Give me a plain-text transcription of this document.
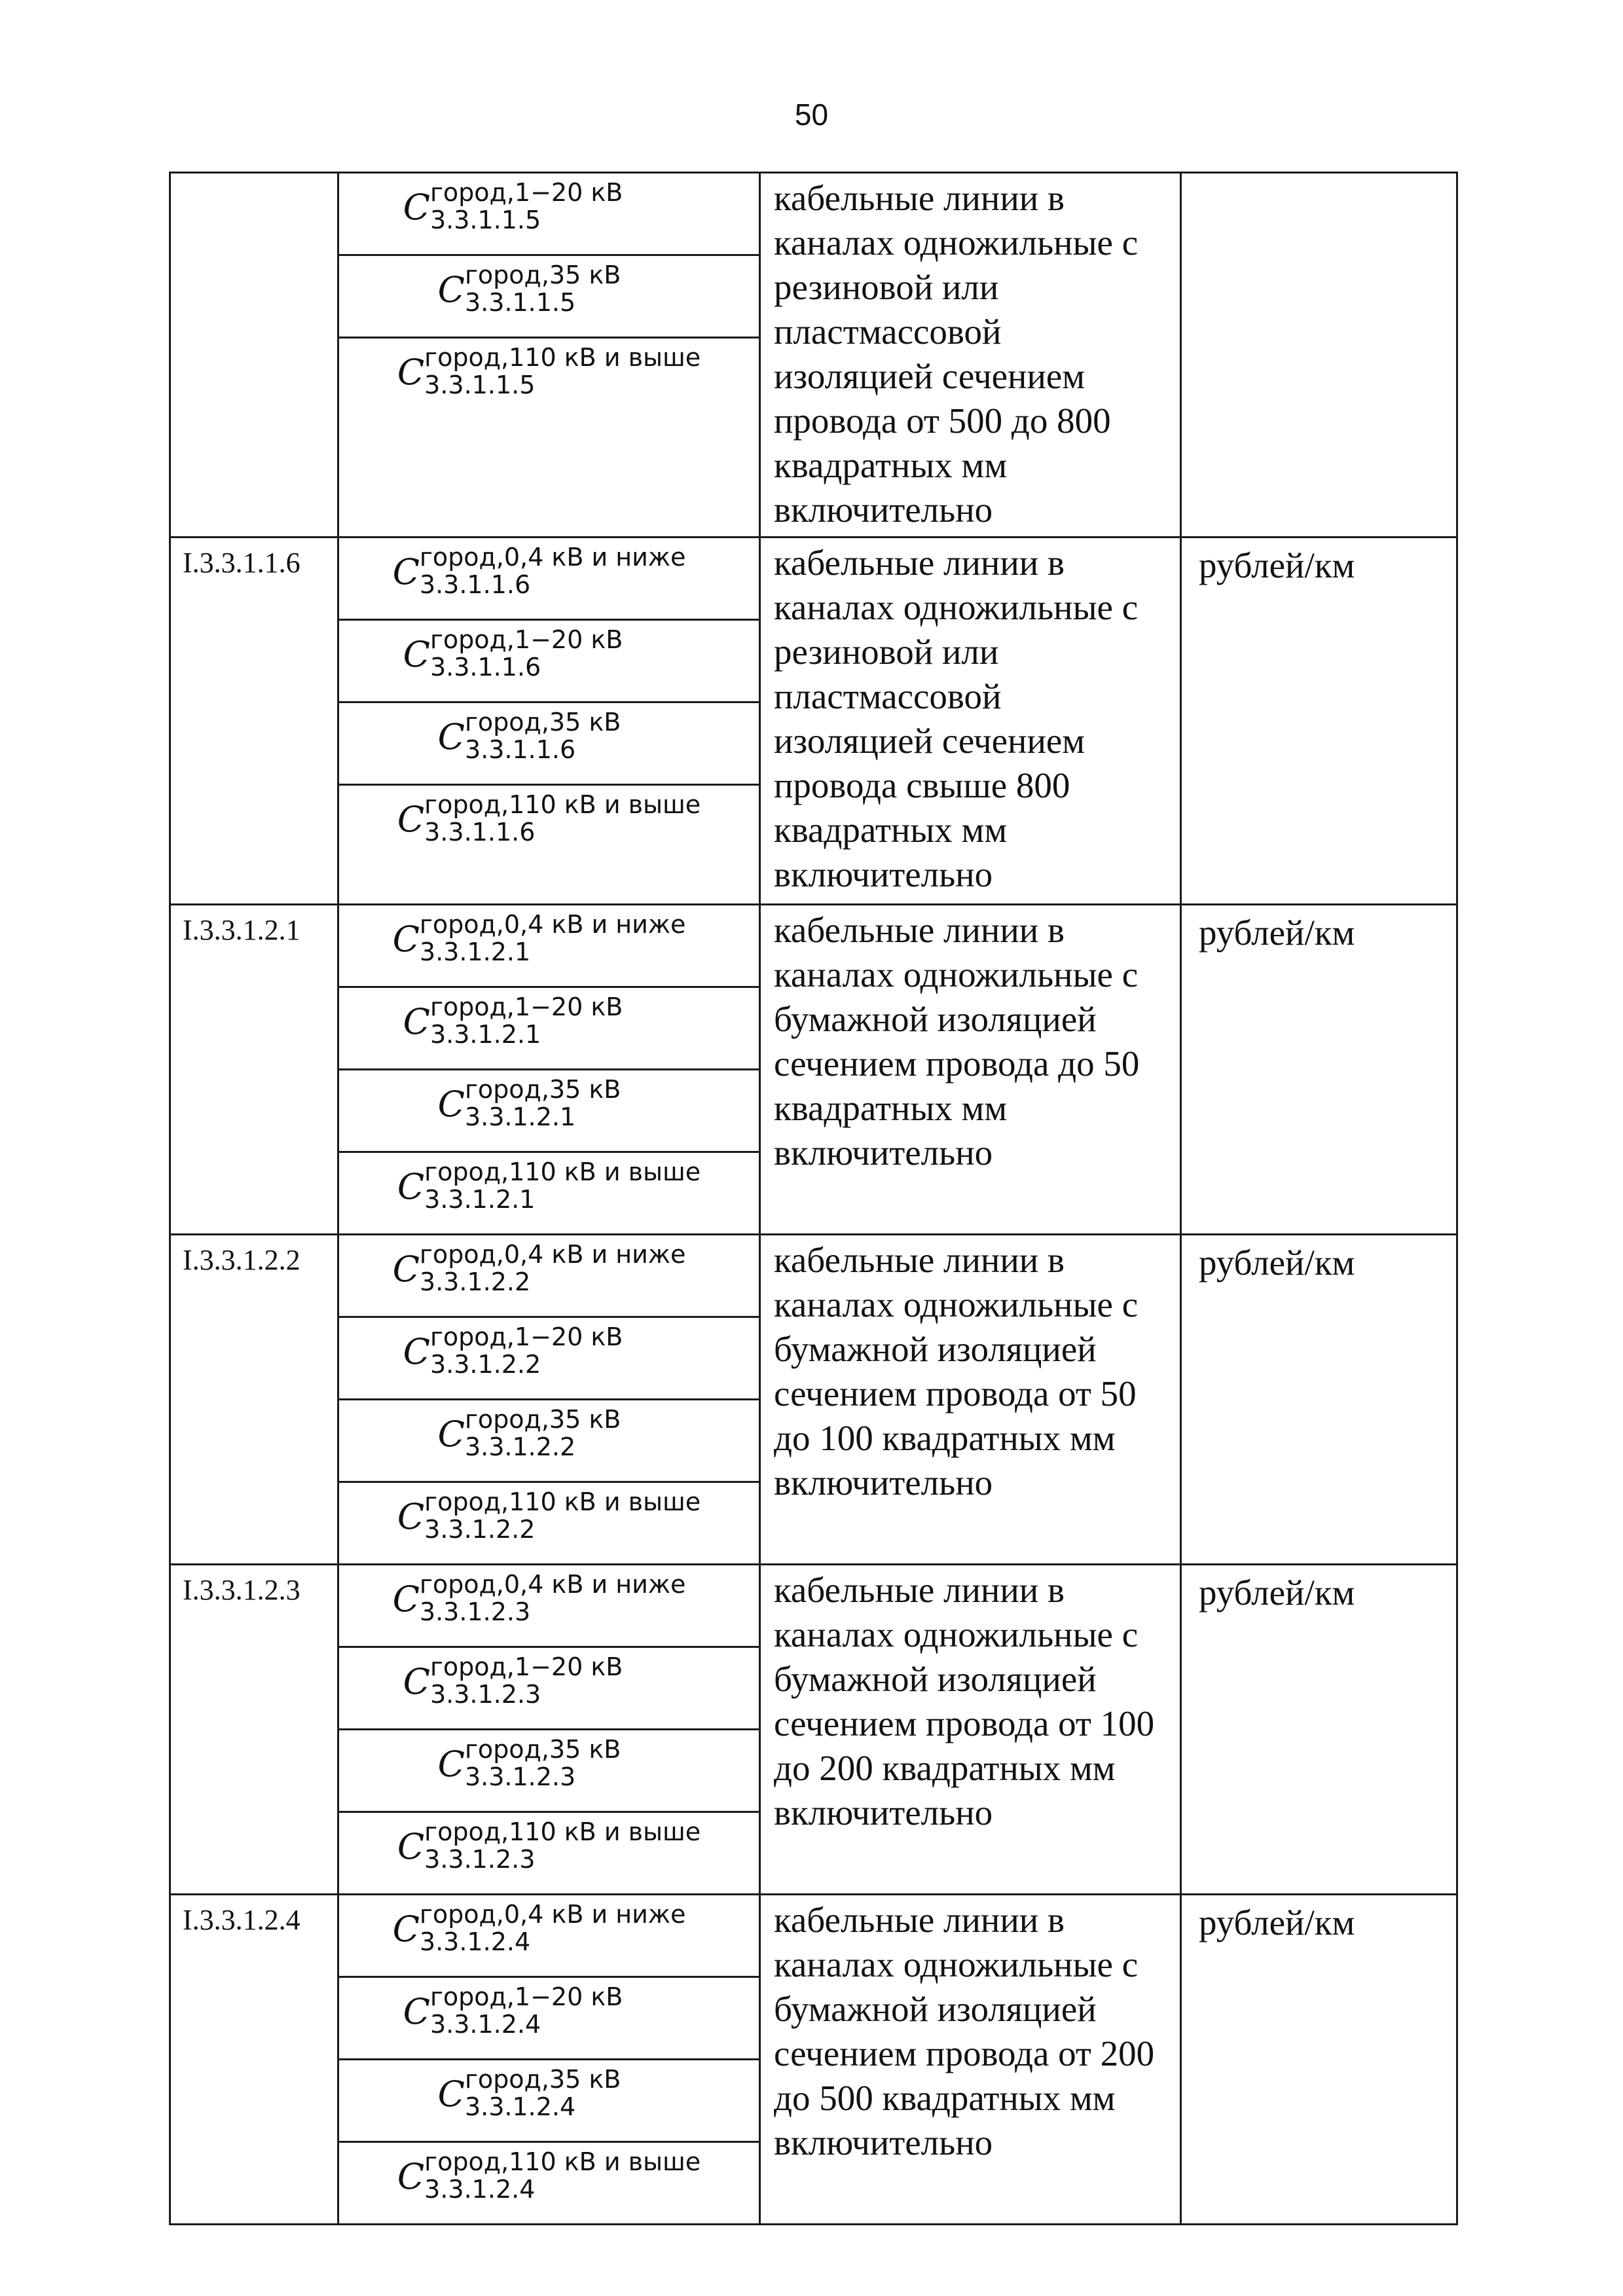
50

	C город,1−20 кВ
3.3.1.1.5	кабельные линии в каналах одножильные с резиновой или пластмассовой изоляцией сечением провода от 500 до 800 квадратных мм включительно	

	C город,35 кВ
3.3.1.1.5		

	C город,110 кВ и выше
3.3.1.1.5		

I.3.3.1.1.6	C город,0,4 кВ и ниже
3.3.1.1.6	кабельные линии в каналах одножильные с резиновой или пластмассовой изоляцией сечением провода свыше 800 квадратных мм включительно	рублей/км

	C город,1−20 кВ
3.3.1.1.6		

	C город,35 кВ
3.3.1.1.6		

	C город,110 кВ и выше
3.3.1.1.6		

I.3.3.1.2.1	C город,0,4 кВ и ниже
3.3.1.2.1	кабельные линии в каналах одножильные с бумажной изоляцией сечением провода до 50 квадратных мм включительно	рублей/км

	C город,1−20 кВ
3.3.1.2.1		

	C город,35 кВ
3.3.1.2.1		

	C город,110 кВ и выше
3.3.1.2.1		

I.3.3.1.2.2	C город,0,4 кВ и ниже
3.3.1.2.2	кабельные линии в каналах одножильные с бумажной изоляцией сечением провода от 50 до 100 квадратных мм включительно	рублей/км

	C город,1−20 кВ
3.3.1.2.2		

	C город,35 кВ
3.3.1.2.2		

	C город,110 кВ и выше
3.3.1.2.2		

I.3.3.1.2.3	C город,0,4 кВ и ниже
3.3.1.2.3	кабельные линии в каналах одножильные с бумажной изоляцией сечением провода от 100 до 200 квадратных мм включительно	рублей/км

	C город,1−20 кВ
3.3.1.2.3		

	C город,35 кВ
3.3.1.2.3		

	C город,110 кВ и выше
3.3.1.2.3		

I.3.3.1.2.4	C город,0,4 кВ и ниже
3.3.1.2.4	кабельные линии в каналах одножильные с бумажной изоляцией сечением провода от 200 до 500 квадратных мм включительно	рублей/км

	C город,1−20 кВ
3.3.1.2.4		

	C город,35 кВ
3.3.1.2.4		

	C город,110 кВ и выше
3.3.1.2.4		
